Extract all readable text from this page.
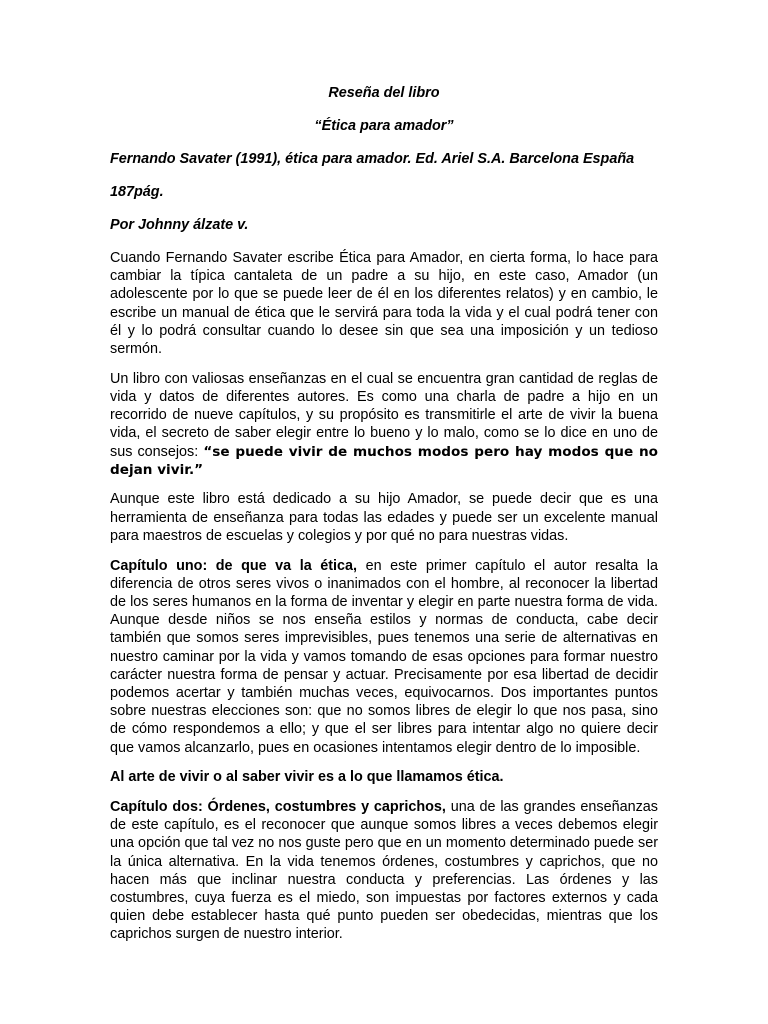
Reseña del libro

“Ética para amador”

Fernando Savater (1991), ética para amador. Ed. Ariel S.A. Barcelona España

187pág.

Por Johnny álzate v.

Cuando Fernando Savater escribe Ética para Amador, en cierta forma, lo hace para cambiar la típica cantaleta de un padre a su hijo, en este caso, Amador (un adolescente por lo que se puede leer de él en los diferentes relatos) y en cambio, le escribe un manual de ética que le servirá para toda la vida y el cual podrá tener con él y lo podrá consultar cuando lo desee sin que sea una imposición y un tedioso sermón.

Un libro con valiosas enseñanzas en el cual se encuentra gran cantidad de reglas de vida y datos de diferentes autores. Es como una charla de padre a hijo en un recorrido de nueve capítulos, y su propósito es transmitirle el arte de vivir la buena vida, el secreto de saber elegir entre lo bueno y lo malo, como se lo dice en uno de sus consejos: “se puede vivir de muchos modos pero hay modos que no dejan vivir.”

Aunque este libro está dedicado a su hijo Amador, se puede decir que es una herramienta de enseñanza para todas las edades y puede ser un excelente manual para maestros de escuelas y colegios y por qué no para nuestras vidas.

Capítulo uno: de que va la ética, en este primer capítulo el autor resalta la diferencia de otros seres vivos o inanimados con el hombre, al reconocer la libertad de los seres humanos en la forma de inventar y elegir en parte nuestra forma de vida. Aunque desde niños se nos enseña estilos y normas de conducta, cabe decir también que somos seres imprevisibles, pues tenemos una serie de alternativas en nuestro caminar por la vida y vamos tomando de esas opciones para formar nuestro carácter nuestra forma de pensar y actuar. Precisamente por esa libertad de decidir podemos acertar y también muchas veces, equivocarnos. Dos importantes puntos sobre nuestras elecciones son: que no somos libres de elegir lo que nos pasa, sino de cómo respondemos a ello; y que el ser libres para intentar algo no quiere decir que vamos alcanzarlo, pues en ocasiones intentamos elegir dentro de lo imposible.

Al arte de vivir o al saber vivir es a lo que llamamos ética.

Capítulo dos: Órdenes, costumbres y caprichos, una de las grandes enseñanzas de este capítulo, es el reconocer que aunque somos libres a veces debemos elegir una opción que tal vez no nos guste pero que en un momento determinado puede ser la única alternativa. En la vida tenemos órdenes, costumbres y caprichos, que no hacen más que inclinar nuestra conducta y preferencias. Las órdenes y las costumbres, cuya fuerza es el miedo, son impuestas por factores externos y cada quien debe establecer hasta qué punto pueden ser obedecidas, mientras que los caprichos surgen de nuestro interior.
